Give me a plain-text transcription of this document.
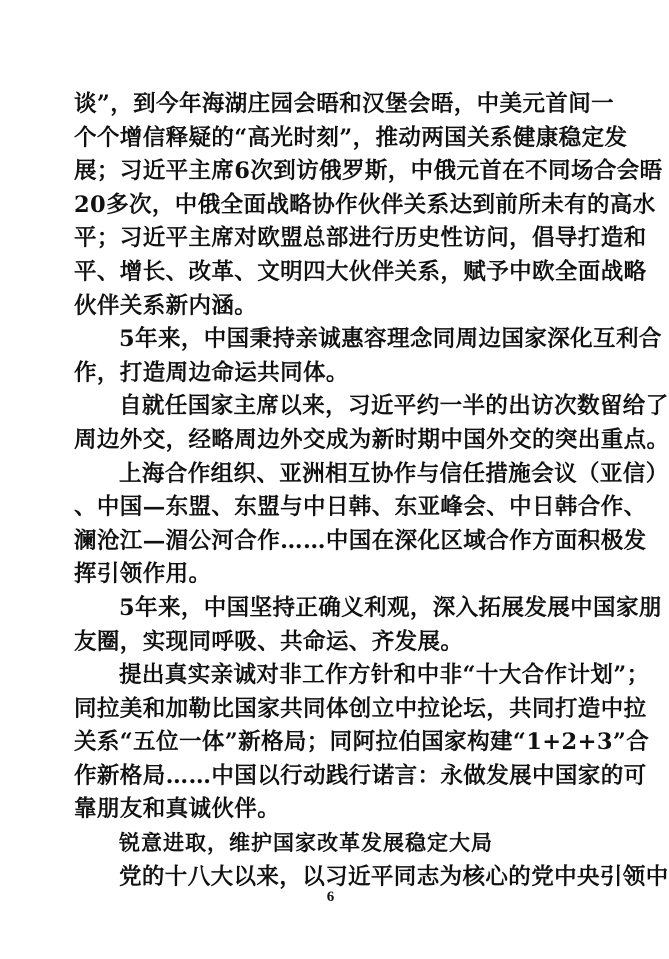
谈”，到今年海湖庄园会晤和汉堡会晤，中美元首间一
个个增信释疑的“高光时刻”，推动两国关系健康稳定发
展；习近平主席6次到访俄罗斯，中俄元首在不同场合会晤
20多次，中俄全面战略协作伙伴关系达到前所未有的高水
平；习近平主席对欧盟总部进行历史性访问，倡导打造和
平、增长、改革、文明四大伙伴关系，赋予中欧全面战略
伙伴关系新内涵。
5年来，中国秉持亲诚惠容理念同周边国家深化互利合
作，打造周边命运共同体。
自就任国家主席以来，习近平约一半的出访次数留给了
周边外交，经略周边外交成为新时期中国外交的突出重点。
上海合作组织、亚洲相互协作与信任措施会议（亚信）
、中国—东盟、东盟与中日韩、东亚峰会、中日韩合作、
澜沧江—湄公河合作……中国在深化区域合作方面积极发
挥引领作用。
5年来，中国坚持正确义利观，深入拓展发展中国家朋
友圈，实现同呼吸、共命运、齐发展。
提出真实亲诚对非工作方针和中非“十大合作计划”；
同拉美和加勒比国家共同体创立中拉论坛，共同打造中拉
关系“五位一体”新格局；同阿拉伯国家构建“1+2+3”合
作新格局……中国以行动践行诺言：永做发展中国家的可
靠朋友和真诚伙伴。
锐意进取，维护国家改革发展稳定大局
党的十八大以来，以习近平同志为核心的党中央引领中
6
